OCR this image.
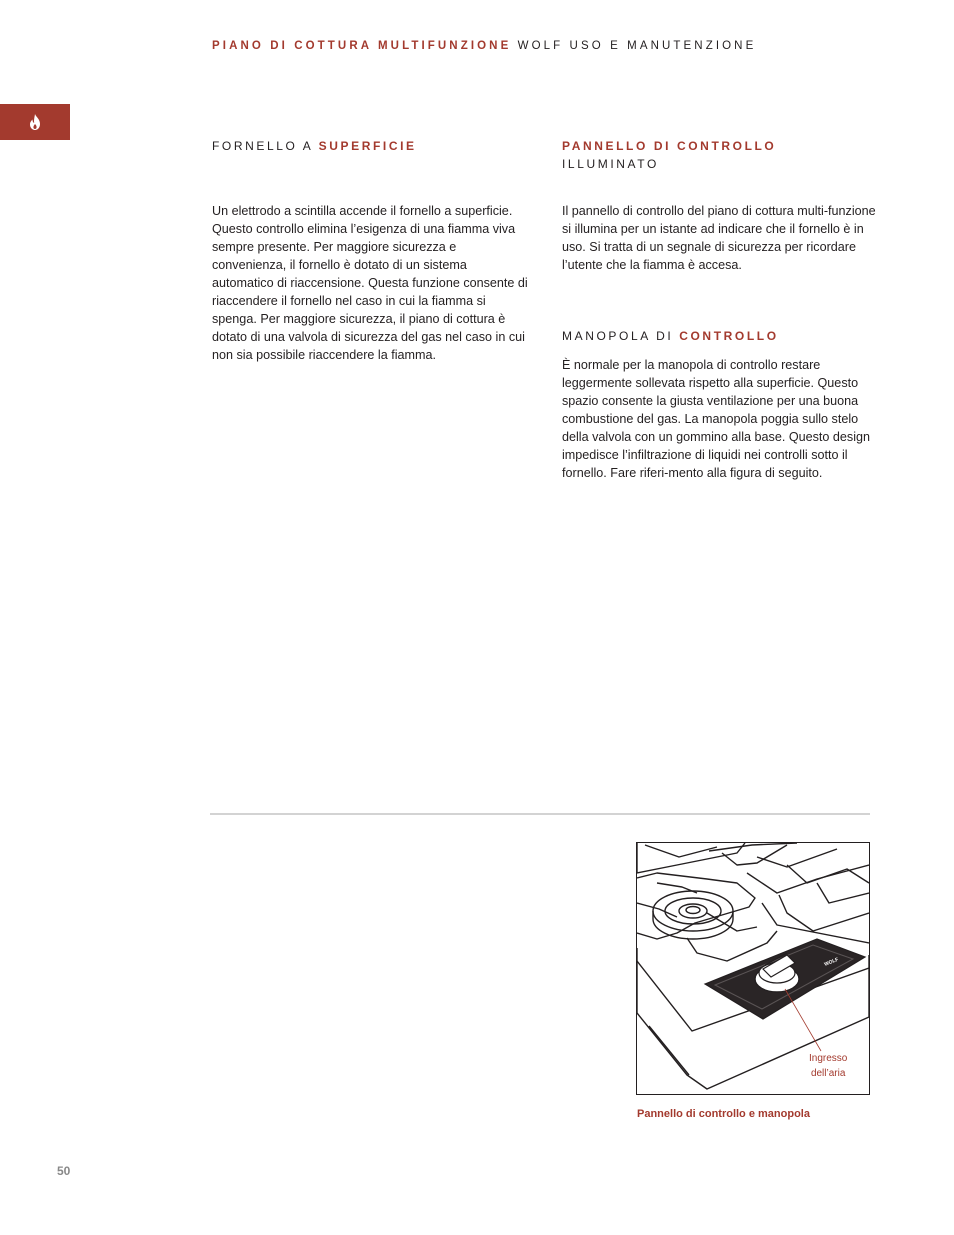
PIANO DI COTTURA MULTIFUNZIONE WOLF USO E MANUTENZIONE
FORNELLO A SUPERFICIE

Un elettrodo a scintilla accende il fornello a superficie. Questo controllo elimina l’esigenza di una fiamma viva sempre presente. Per maggiore sicurezza e convenienza, il fornello è dotato di un sistema automatico di riaccensione. Questa funzione consente di riaccendere il fornello nel caso in cui la fiamma si spenga. Per maggiore sicurezza, il piano di cottura è dotato di una valvola di sicurezza del gas nel caso in cui non sia possibile riaccendere la fiamma.

PANNELLO DI CONTROLLO
ILLUMINATO

Il pannello di controllo del piano di cottura multi-funzione si illumina per un istante ad indicare che il fornello è in uso. Si tratta di un segnale di sicurezza per ricordare l’utente che la fiamma è accesa.

MANOPOLA DI CONTROLLO

È normale per la manopola di controllo restare leggermente sollevata rispetto alla superficie. Questo spazio consente la giusta ventilazione per una buona combustione del gas. La manopola poggia sullo stelo della valvola con un gommino alla base. Questo design impedisce l’infiltrazione di liquidi nei controlli sotto il fornello. Fare riferi-mento alla figura di seguito.

WOLF
Ingresso
dell’aria
Pannello di controllo e manopola
50
